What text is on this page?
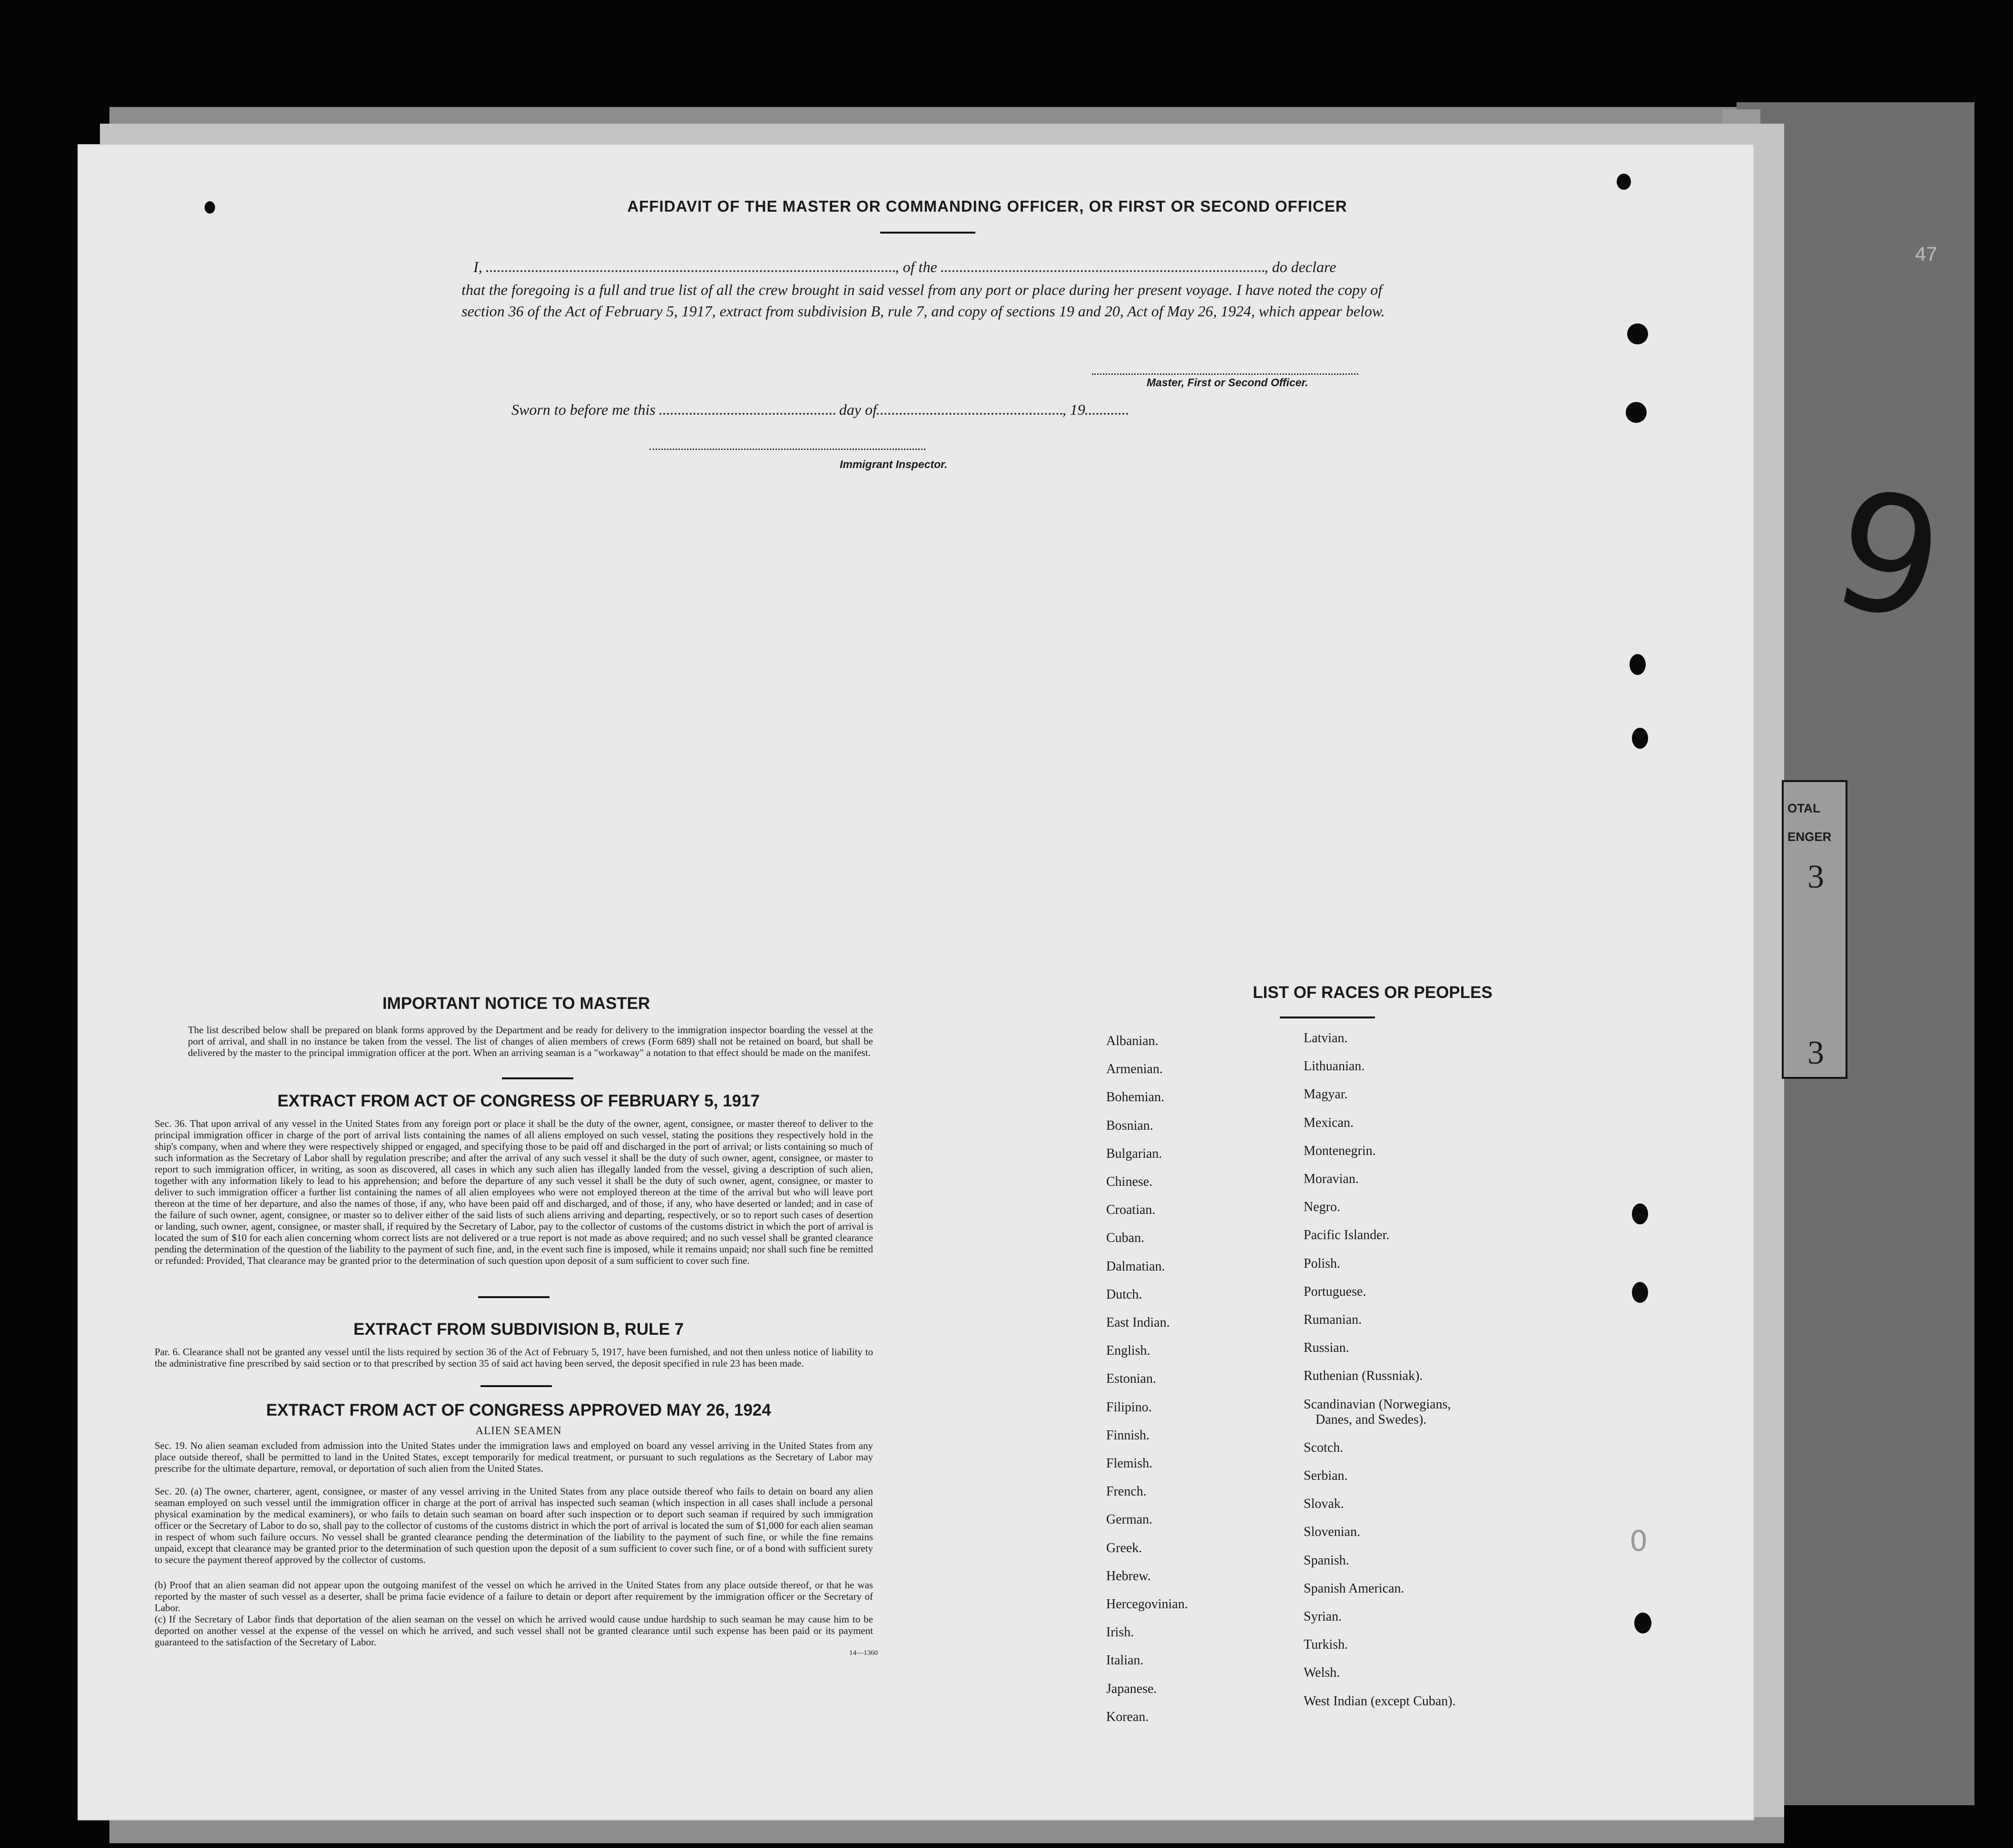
47
9
OTAL
ENGER
3
3
0
AFFIDAVIT OF THE MASTER OR COMMANDING OFFICER, OR FIRST OR SECOND OFFICER
I,	, of the	, do declare
that the foregoing is a full and true list of all the crew brought in said vessel from any port or place during her present voyage. I have noted the copy of section 36 of the Act of February 5, 1917, extract from subdivision B, rule 7, and copy of sections 19 and 20, Act of May 26, 1924, which appear below.
Master, First or Second Officer.
Sworn to before me this	day of	, 19
Immigrant Inspector.
IMPORTANT NOTICE TO MASTER
The list described below shall be prepared on blank forms approved by the Department and be ready for delivery to the immigration inspector boarding the vessel at the port of arrival, and shall in no instance be taken from the vessel. The list of changes of alien members of crews (Form 689) shall not be retained on board, but shall be delivered by the master to the principal immigration officer at the port. When an arriving seaman is a "workaway" a notation to that effect should be made on the manifest.
EXTRACT FROM ACT OF CONGRESS OF FEBRUARY 5, 1917
Sec. 36. That upon arrival of any vessel in the United States from any foreign port or place it shall be the duty of the owner, agent, consignee, or master thereof to deliver to the principal immigration officer in charge of the port of arrival lists containing the names of all aliens employed on such vessel, stating the positions they respectively hold in the ship's company, when and where they were respectively shipped or engaged, and specifying those to be paid off and discharged in the port of arrival; or lists containing so much of such information as the Secretary of Labor shall by regulation prescribe; and after the arrival of any such vessel it shall be the duty of such owner, agent, consignee, or master to report to such immigration officer, in writing, as soon as discovered, all cases in which any such alien has illegally landed from the vessel, giving a description of such alien, together with any information likely to lead to his apprehension; and before the departure of any such vessel it shall be the duty of such owner, agent, consignee, or master to deliver to such immigration officer a further list containing the names of all alien employees who were not employed thereon at the time of the arrival but who will leave port thereon at the time of her departure, and also the names of those, if any, who have been paid off and discharged, and of those, if any, who have deserted or landed; and in case of the failure of such owner, agent, consignee, or master so to deliver either of the said lists of such aliens arriving and departing, respectively, or so to report such cases of desertion or landing, such owner, agent, consignee, or master shall, if required by the Secretary of Labor, pay to the collector of customs of the customs district in which the port of arrival is located the sum of $10 for each alien concerning whom correct lists are not delivered or a true report is not made as above required; and no such vessel shall be granted clearance pending the determination of the question of the liability to the payment of such fine, and, in the event such fine is imposed, while it remains unpaid; nor shall such fine be remitted or refunded: Provided, That clearance may be granted prior to the determination of such question upon deposit of a sum sufficient to cover such fine.
EXTRACT FROM SUBDIVISION B, RULE 7
Par. 6. Clearance shall not be granted any vessel until the lists required by section 36 of the Act of February 5, 1917, have been furnished, and not then unless notice of liability to the administrative fine prescribed by said section or to that prescribed by section 35 of said act having been served, the deposit specified in rule 23 has been made.
EXTRACT FROM ACT OF CONGRESS APPROVED MAY 26, 1924
ALIEN SEAMEN
Sec. 19. No alien seaman excluded from admission into the United States under the immigration laws and employed on board any vessel arriving in the United States from any place outside thereof, shall be permitted to land in the United States, except temporarily for medical treatment, or pursuant to such regulations as the Secretary of Labor may prescribe for the ultimate departure, removal, or deportation of such alien from the United States.
Sec. 20. (a) The owner, charterer, agent, consignee, or master of any vessel arriving in the United States from any place outside thereof who fails to detain on board any alien seaman employed on such vessel until the immigration officer in charge at the port of arrival has inspected such seaman (which inspection in all cases shall include a personal physical examination by the medical examiners), or who fails to detain such seaman on board after such inspection or to deport such seaman if required by such immigration officer or the Secretary of Labor to do so, shall pay to the collector of customs of the customs district in which the port of arrival is located the sum of $1,000 for each alien seaman in respect of whom such failure occurs. No vessel shall be granted clearance pending the determination of the liability to the payment of such fine, or while the fine remains unpaid, except that clearance may be granted prior to the determination of such question upon the deposit of a sum sufficient to cover such fine, or of a bond with sufficient surety to secure the payment thereof approved by the collector of customs.
(b) Proof that an alien seaman did not appear upon the outgoing manifest of the vessel on which he arrived in the United States from any place outside thereof, or that he was reported by the master of such vessel as a deserter, shall be prima facie evidence of a failure to detain or deport after requirement by the immigration officer or the Secretary of Labor.
(c) If the Secretary of Labor finds that deportation of the alien seaman on the vessel on which he arrived would cause undue hardship to such seaman he may cause him to be deported on another vessel at the expense of the vessel on which he arrived, and such vessel shall not be granted clearance until such expense has been paid or its payment guaranteed to the satisfaction of the Secretary of Labor.
14—1360
LIST OF RACES OR PEOPLES
Albanian.
Armenian.
Bohemian.
Bosnian.
Bulgarian.
Chinese.
Croatian.
Cuban.
Dalmatian.
Dutch.
East Indian.
English.
Estonian.
Filipino.
Finnish.
Flemish.
French.
German.
Greek.
Hebrew.
Hercegovinian.
Irish.
Italian.
Japanese.
Korean.
Latvian.
Lithuanian.
Magyar.
Mexican.
Montenegrin.
Moravian.
Negro.
Pacific Islander.
Polish.
Portuguese.
Rumanian.
Russian.
Ruthenian (Russniak).
Scandinavian (Norwegians,
Danes, and Swedes).
Scotch.
Serbian.
Slovak.
Slovenian.
Spanish.
Spanish American.
Syrian.
Turkish.
Welsh.
West Indian (except Cuban).
